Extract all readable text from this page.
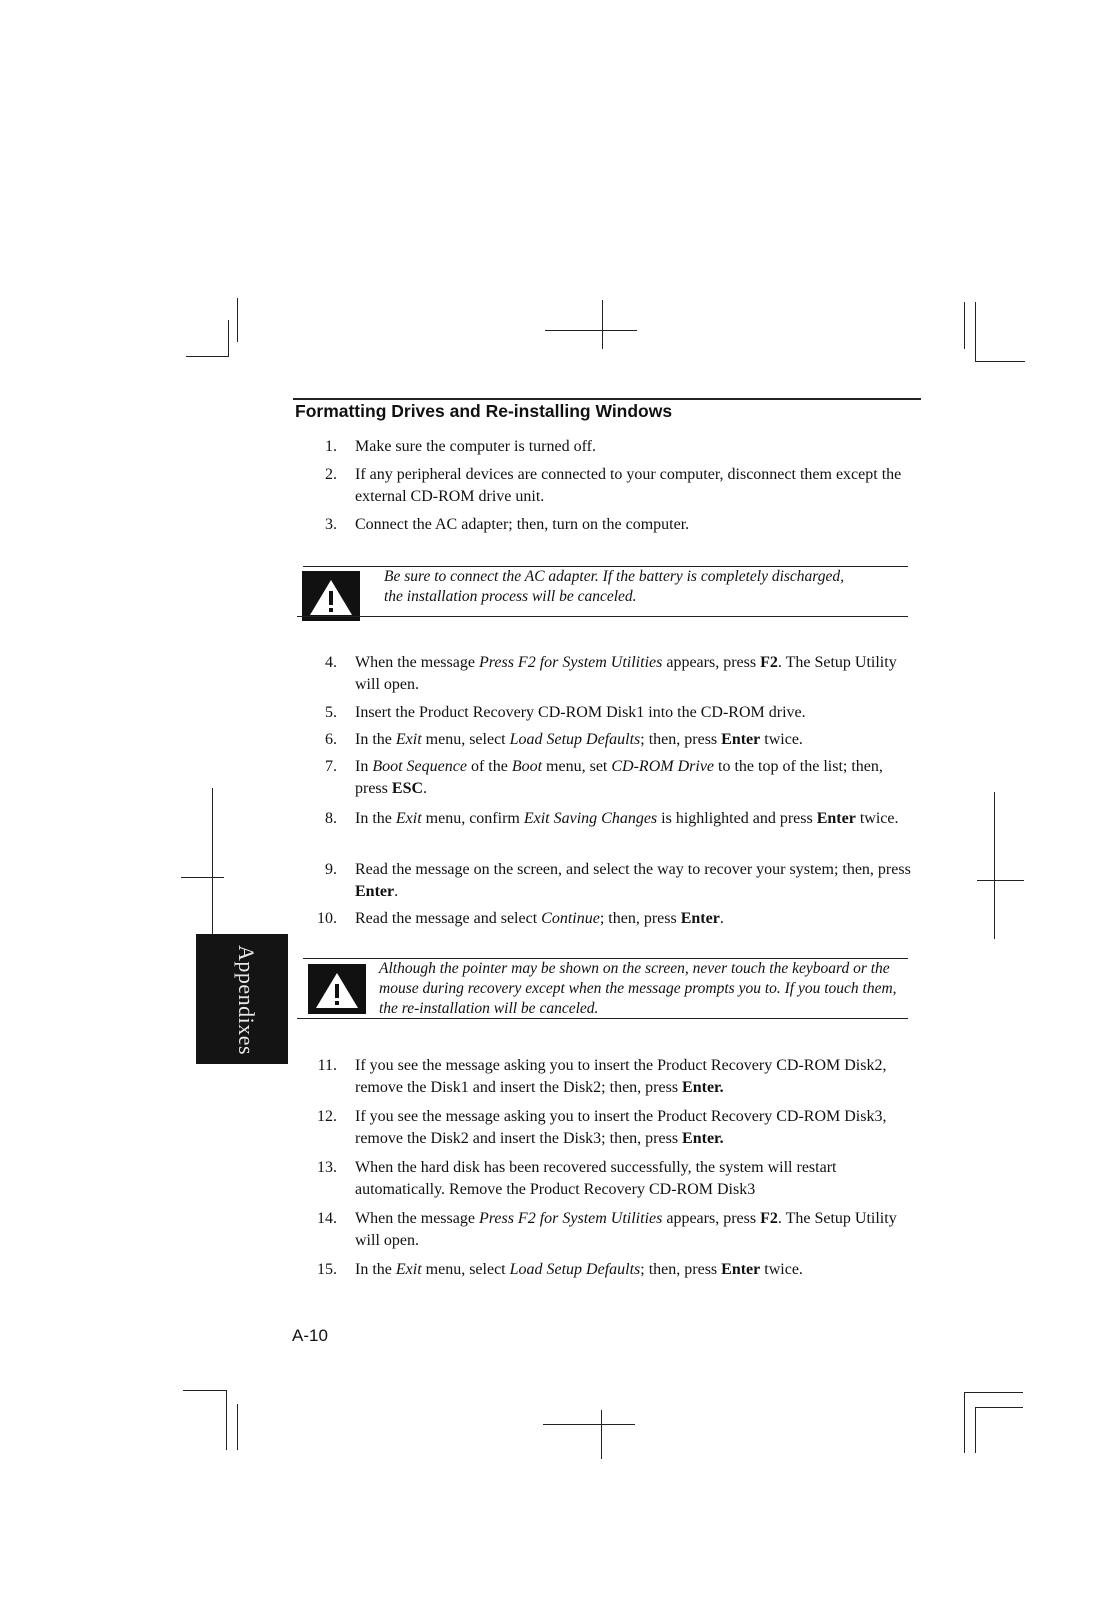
Formatting Drives and Re-installing Windows
1. Make sure the computer is turned off.
2. If any peripheral devices are connected to your computer, disconnect them except the external CD-ROM drive unit.
3. Connect the AC adapter; then, turn on the computer.
Be sure to connect the AC adapter. If the battery is completely discharged, the installation process will be canceled.
4. When the message Press F2 for System Utilities appears, press F2. The Setup Utility will open.
5. Insert the Product Recovery CD-ROM Disk1 into the CD-ROM drive.
6. In the Exit menu, select Load Setup Defaults; then, press Enter twice.
7. In Boot Sequence of the Boot menu, set CD-ROM Drive to the top of the list; then, press ESC.
8. In the Exit menu, confirm Exit Saving Changes is highlighted and press Enter twice.
9. Read the message on the screen, and select the way to recover your system; then, press Enter.
10. Read the message and select Continue; then, press Enter.
Although the pointer may be shown on the screen, never touch the keyboard or the mouse during recovery except when the message prompts you to. If you touch them, the re-installation will be canceled.
11. If you see the message asking you to insert the Product Recovery CD-ROM Disk2, remove the Disk1 and insert the Disk2; then, press Enter.
12. If you see the message asking you to insert the Product Recovery CD-ROM Disk3, remove the Disk2 and insert the Disk3; then, press Enter.
13. When the hard disk has been recovered successfully, the system will restart automatically. Remove the Product Recovery CD-ROM Disk3
14. When the message Press F2 for System Utilities appears, press F2. The Setup Utility will open.
15. In the Exit menu, select Load Setup Defaults; then, press Enter twice.
Appendixes
A-10
